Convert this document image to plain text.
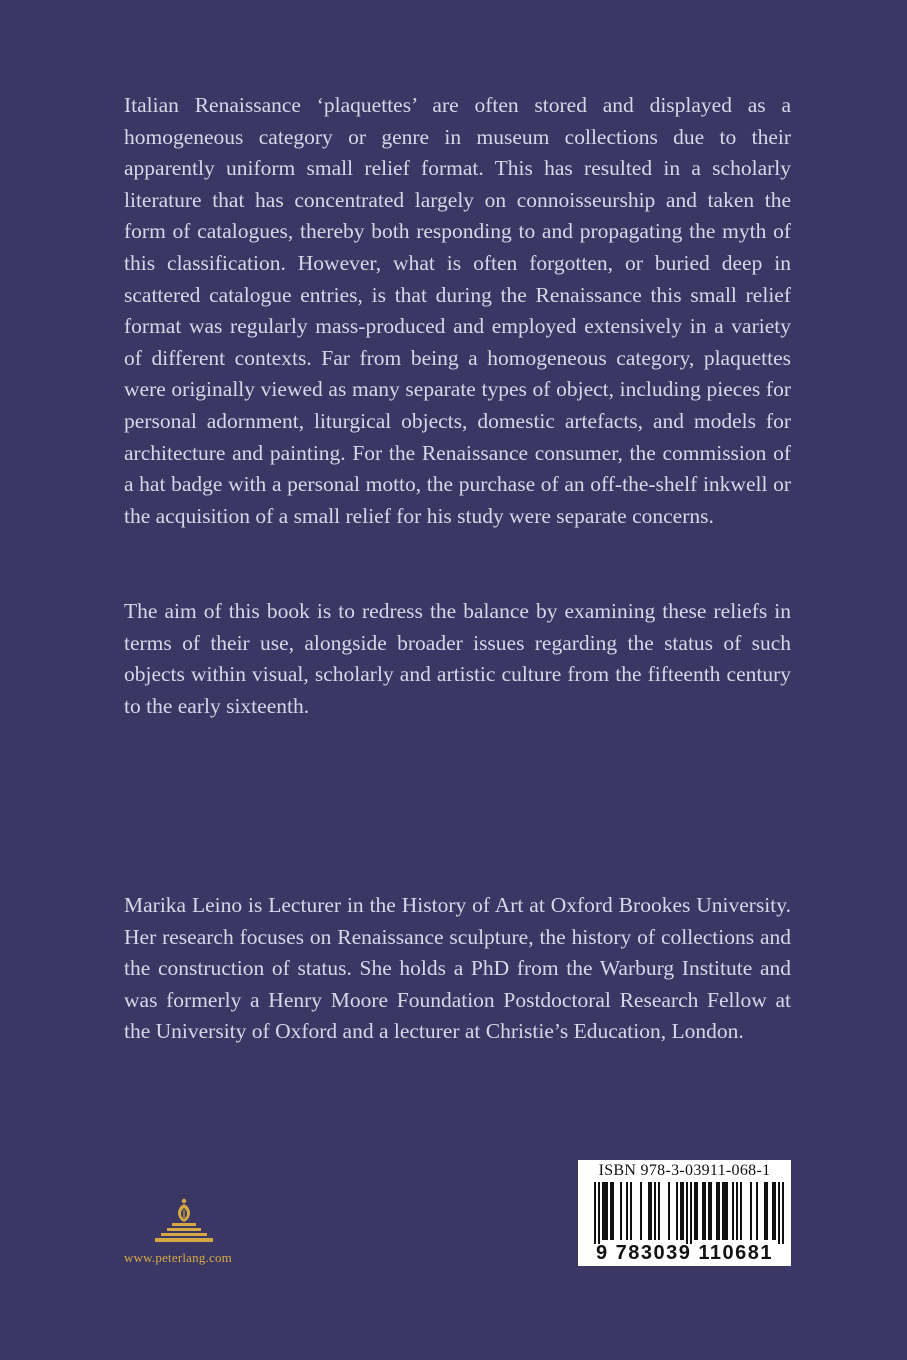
Italian Renaissance ‘plaquettes’ are often stored and displayed as a homogeneous category or genre in museum collections due to their apparently uniform small relief format. This has resulted in a scholarly literature that has concentrated largely on connoisseurship and taken the form of catalogues, thereby both responding to and propagating the myth of this classification. However, what is often forgotten, or buried deep in scattered catalogue entries, is that during the Renaissance this small relief format was regularly mass-produced and employed extensively in a variety of different contexts. Far from being a homogeneous category, plaquettes were originally viewed as many separate types of object, including pieces for personal adornment, liturgical objects, domestic artefacts, and models for architecture and painting. For the Renaissance consumer, the commission of a hat badge with a personal motto, the purchase of an off-the-shelf inkwell or the acquisition of a small relief for his study were separate concerns.

The aim of this book is to redress the balance by examining these reliefs in terms of their use, alongside broader issues regarding the status of such objects within visual, scholarly and artistic culture from the fifteenth century to the early sixteenth.

Marika Leino is Lecturer in the History of Art at Oxford Brookes University. Her research focuses on Renaissance sculpture, the history of collections and the construction of status. She holds a PhD from the Warburg Institute and was formerly a Henry Moore Foundation Postdoctoral Research Fellow at the University of Oxford and a lecturer at Christie’s Education, London.

www.peterlang.com
ISBN 978-3-03911-068-1
9 783039 110681
